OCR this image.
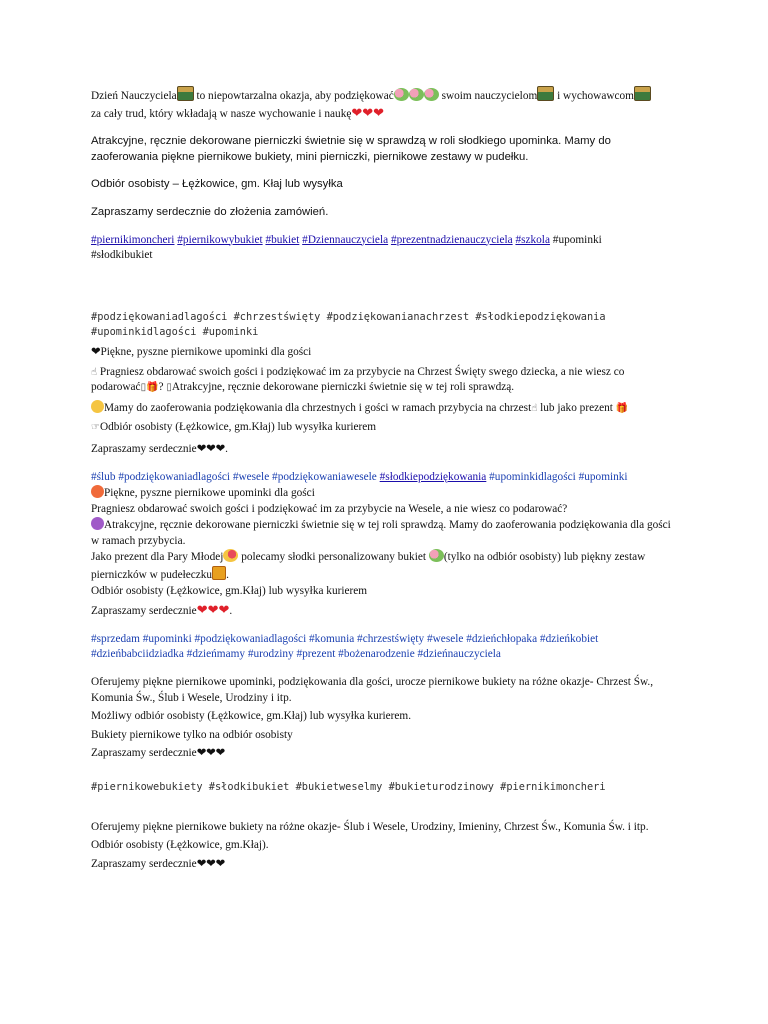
Dzień Nauczyciela to niepowtarzalna okazja, aby podziękować	swoim nauczycielom i wychowawcom
za cały trud, który wkładają w nasze wychowanie i naukę❤❤❤

Atrakcyjne, ręcznie dekorowane pierniczki świetnie się w sprawdzą w roli słodkiego upominka. Mamy do zaoferowania piękne piernikowe bukiety, mini pierniczki, piernikowe zestawy w pudełku.

Odbiór osobisty – Łężkowice, gm. Kłaj lub wysyłka

Zapraszamy serdecznie do złożenia zamówień.

#piernikimoncheri #piernikowybukiet #bukiet #Dziennauczyciela #prezentnadzienauczyciela #szkola #upominki
#słodkibukiet

#podziękowaniadlagości #chrzestświęty #podziękowanianachrzest #słodkiepodziękowania #upominkidlagości #upominki

❤Piękne, pyszne piernikowe upominki dla gości

☝ Pragniesz obdarować swoich gości i podziękować im za przybycie na Chrzest Święty swego dziecka, a nie wiesz co podarować▯🎁? ▯Atrakcyjne, ręcznie dekorowane pierniczki świetnie się w tej roli sprawdzą.

Mamy do zaoferowania podziękowania dla chrzestnych i gości w ramach przybycia na chrzest☝ lub jako prezent 🎁

☞Odbiór osobisty (Łężkowice, gm.Kłaj) lub wysyłka kurierem

Zapraszamy serdecznie❤❤❤.

#ślub #podziękowaniadlagości #wesele #podziękowaniawesele #słodkiepodziękowania #upominkidlagości #upominki

Piękne, pyszne piernikowe upominki dla gości

Pragniesz obdarować swoich gości i podziękować im za przybycie na Wesele, a nie wiesz co podarować?

Atrakcyjne, ręcznie dekorowane pierniczki świetnie się w tej roli sprawdzą. Mamy do zaoferowania podziękowania dla gości w ramach przybycia.

Jako prezent dla Pary Młodej polecamy słodki personalizowany bukiet (tylko na odbiór osobisty) lub piękny zestaw pierniczków w pudełeczku .

Odbiór osobisty (Łężkowice, gm.Kłaj) lub wysyłka kurierem

Zapraszamy serdecznie❤❤❤.

#sprzedam #upominki #podziękowaniadlagości #komunia #chrzestświęty #wesele #dzieńchłopaka #dzieńkobiet #dzieńbabciidziadka #dzieńmamy #urodziny #prezent #bożenarodzenie #dzieńnauczyciela

Oferujemy piękne piernikowe upominki, podziękowania dla gości, urocze piernikowe bukiety na różne okazje- Chrzest Św., Komunia Św., Ślub i Wesele, Urodziny i itp.

Możliwy odbiór osobisty (Łężkowice, gm.Kłaj) lub wysyłka kurierem.

Bukiety piernikowe tylko na odbiór osobisty

Zapraszamy serdecznie❤❤❤

#piernikowebukiety #słodkibukiet #bukietweselmy #bukieturodzinowy #piernikimoncheri

Oferujemy piękne piernikowe bukiety na różne okazje- Ślub i Wesele, Urodziny, Imieniny, Chrzest Św., Komunia Św. i itp.

Odbiór osobisty (Łężkowice, gm.Kłaj).

Zapraszamy serdecznie❤❤❤
